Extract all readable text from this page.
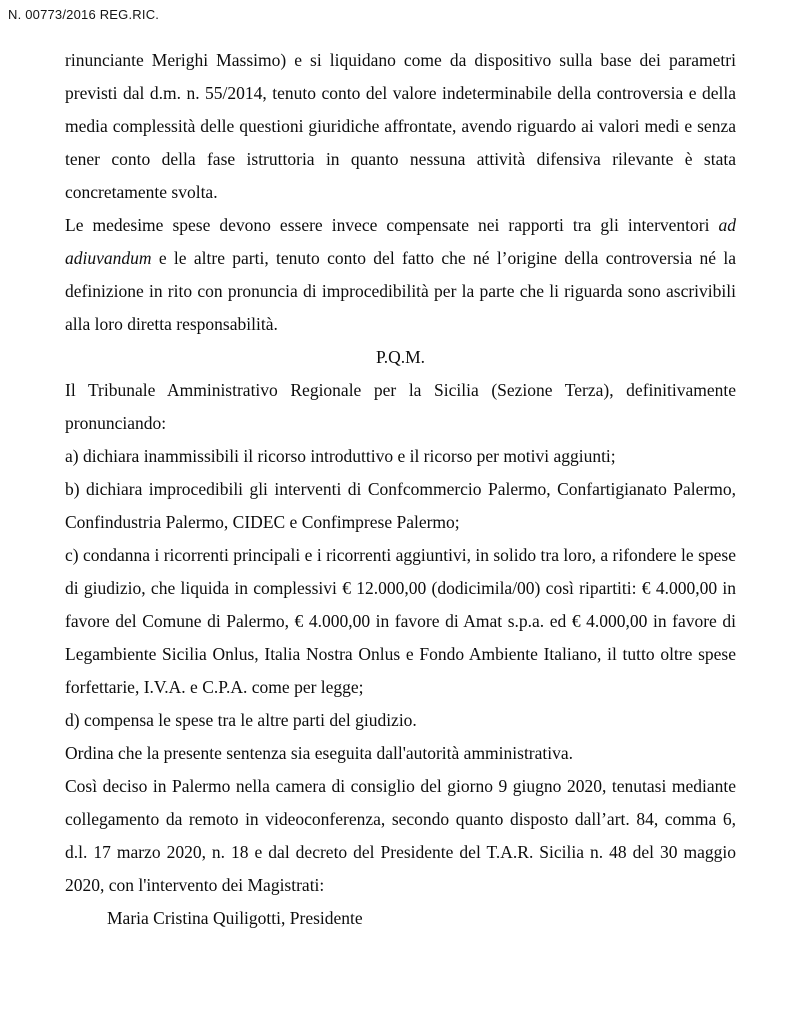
N. 00773/2016 REG.RIC.

rinunciante Merighi Massimo) e si liquidano come da dispositivo sulla base dei parametri previsti dal d.m. n. 55/2014, tenuto conto del valore indeterminabile della controversia e della media complessità delle questioni giuridiche affrontate, avendo riguardo ai valori medi e senza tener conto della fase istruttoria in quanto nessuna attività difensiva rilevante è stata concretamente svolta.

Le medesime spese devono essere invece compensate nei rapporti tra gli interventori ad adiuvandum e le altre parti, tenuto conto del fatto che né l’origine della controversia né la definizione in rito con pronuncia di improcedibilità per la parte che li riguarda sono ascrivibili alla loro diretta responsabilità.

P.Q.M.

Il Tribunale Amministrativo Regionale per la Sicilia (Sezione Terza), definitivamente pronunciando:

a) dichiara inammissibili il ricorso introduttivo e il ricorso per motivi aggiunti;

b) dichiara improcedibili gli interventi di Confcommercio Palermo, Confartigianato Palermo, Confindustria Palermo, CIDEC e Confimprese Palermo;

c) condanna i ricorrenti principali e i ricorrenti aggiuntivi, in solido tra loro, a rifondere le spese di giudizio, che liquida in complessivi € 12.000,00 (dodicimila/00) così ripartiti: € 4.000,00 in favore del Comune di Palermo, € 4.000,00 in favore di Amat s.p.a. ed € 4.000,00 in favore di Legambiente Sicilia Onlus, Italia Nostra Onlus e Fondo Ambiente Italiano, il tutto oltre spese forfettarie, I.V.A. e C.P.A. come per legge;

d) compensa le spese tra le altre parti del giudizio.

Ordina che la presente sentenza sia eseguita dall'autorità amministrativa.

Così deciso in Palermo nella camera di consiglio del giorno 9 giugno 2020, tenutasi mediante collegamento da remoto in videoconferenza, secondo quanto disposto dall’art. 84, comma 6, d.l. 17 marzo 2020, n. 18 e dal decreto del Presidente del T.A.R. Sicilia n. 48 del 30 maggio 2020, con l'intervento dei Magistrati:

Maria Cristina Quiligotti, Presidente
